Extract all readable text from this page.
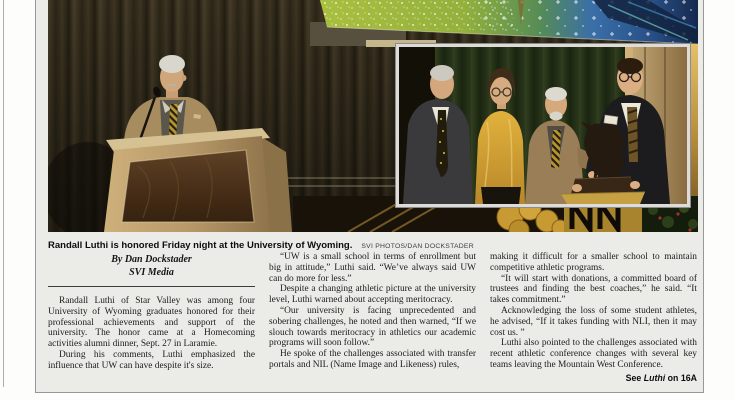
Randall Luthi is honored Friday night at the University of Wyoming. SVI PHOTOS/DAN DOCKSTADER
By Dan Dockstader
SVI Media

Randall Luthi of Star Valley was among four University of Wyoming graduates honored for their professional achievements and support of the university. The honor came at a Homecoming activities alumni dinner, Sept. 27 in Laramie.

During his comments, Luthi emphasized the influence that UW can have despite it's size.

“UW is a small school in terms of enrollment but big in attitude,” Luthi said. “We’ve always said UW can do more for less.”

Despite a changing athletic picture at the university level, Luthi warned about accepting meritocracy.

“Our university is facing unprecedented and sobering challenges, he noted and then warned, “If we slouch towards meritocracy in athletics our academic programs will soon follow.”

He spoke of the challenges associated with transfer portals and NIL (Name Image and Likeness) rules,

making it difficult for a smaller school to maintain competitive athletic programs.

“It will start with donations, a committed board of trustees and finding the best coaches,” he said. “It takes commitment.”

Acknowledging the loss of some student athletes, he advised, “If it takes funding with NLI, then it may cost us. ”

Luthi also pointed to the challenges associated with recent athletic conference changes with several key teams leaving the Mountain West Conference.

See Luthi on 16A
